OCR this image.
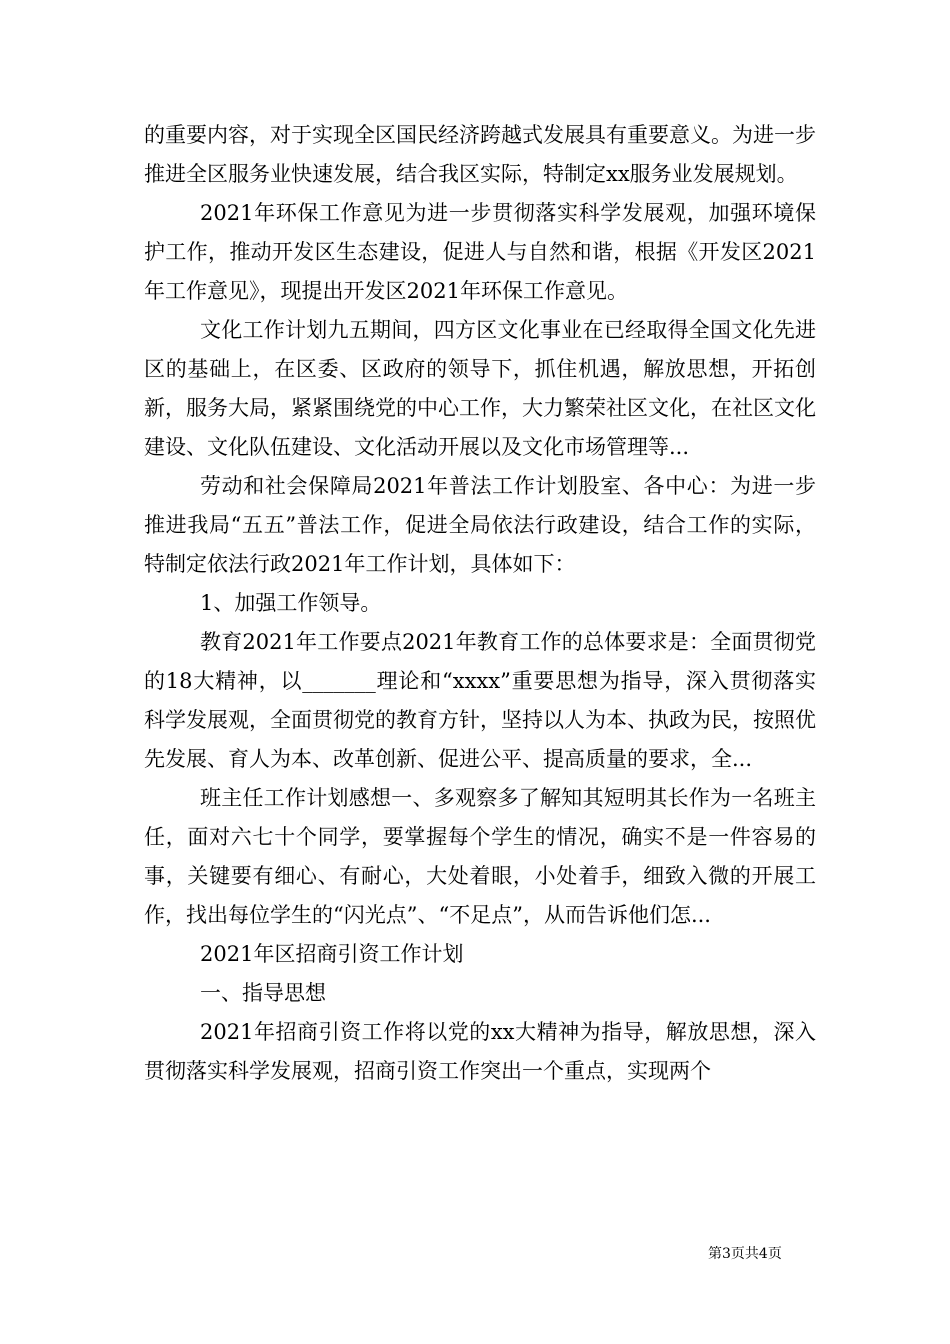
的重要内容，对于实现全区国民经济跨越式发展具有重要意义。为进一步推进全区服务业快速发展，结合我区实际，特制定xx服务业发展规划。

2021年环保工作意见为进一步贯彻落实科学发展观，加强环境保护工作，推动开发区生态建设，促进人与自然和谐，根据《开发区2021年工作意见》，现提出开发区2021年环保工作意见。

文化工作计划九五期间，四方区文化事业在已经取得全国文化先进区的基础上，在区委、区政府的领导下，抓住机遇，解放思想，开拓创新，服务大局，紧紧围绕党的中心工作，大力繁荣社区文化，在社区文化建设、文化队伍建设、文化活动开展以及文化市场管理等...

劳动和社会保障局2021年普法工作计划股室、各中心：为进一步推进我局“五五”普法工作，促进全局依法行政建设，结合工作的实际，特制定依法行政2021年工作计划，具体如下：

1、加强工作领导。

教育2021年工作要点2021年教育工作的总体要求是：全面贯彻党的18大精神，以_______理论和“xxxx”重要思想为指导，深入贯彻落实科学发展观，全面贯彻党的教育方针，坚持以人为本、执政为民，按照优先发展、育人为本、改革创新、促进公平、提高质量的要求，全...

班主任工作计划感想一、多观察多了解知其短明其长作为一名班主任，面对六七十个同学，要掌握每个学生的情况，确实不是一件容易的事，关键要有细心、有耐心，大处着眼，小处着手，细致入微的开展工作，找出每位学生的“闪光点”、“不足点”，从而告诉他们怎...

2021年区招商引资工作计划

一、指导思想

2021年招商引资工作将以党的xx大精神为指导，解放思想，深入贯彻落实科学发展观，招商引资工作突出一个重点，实现两个

第3页共4页
